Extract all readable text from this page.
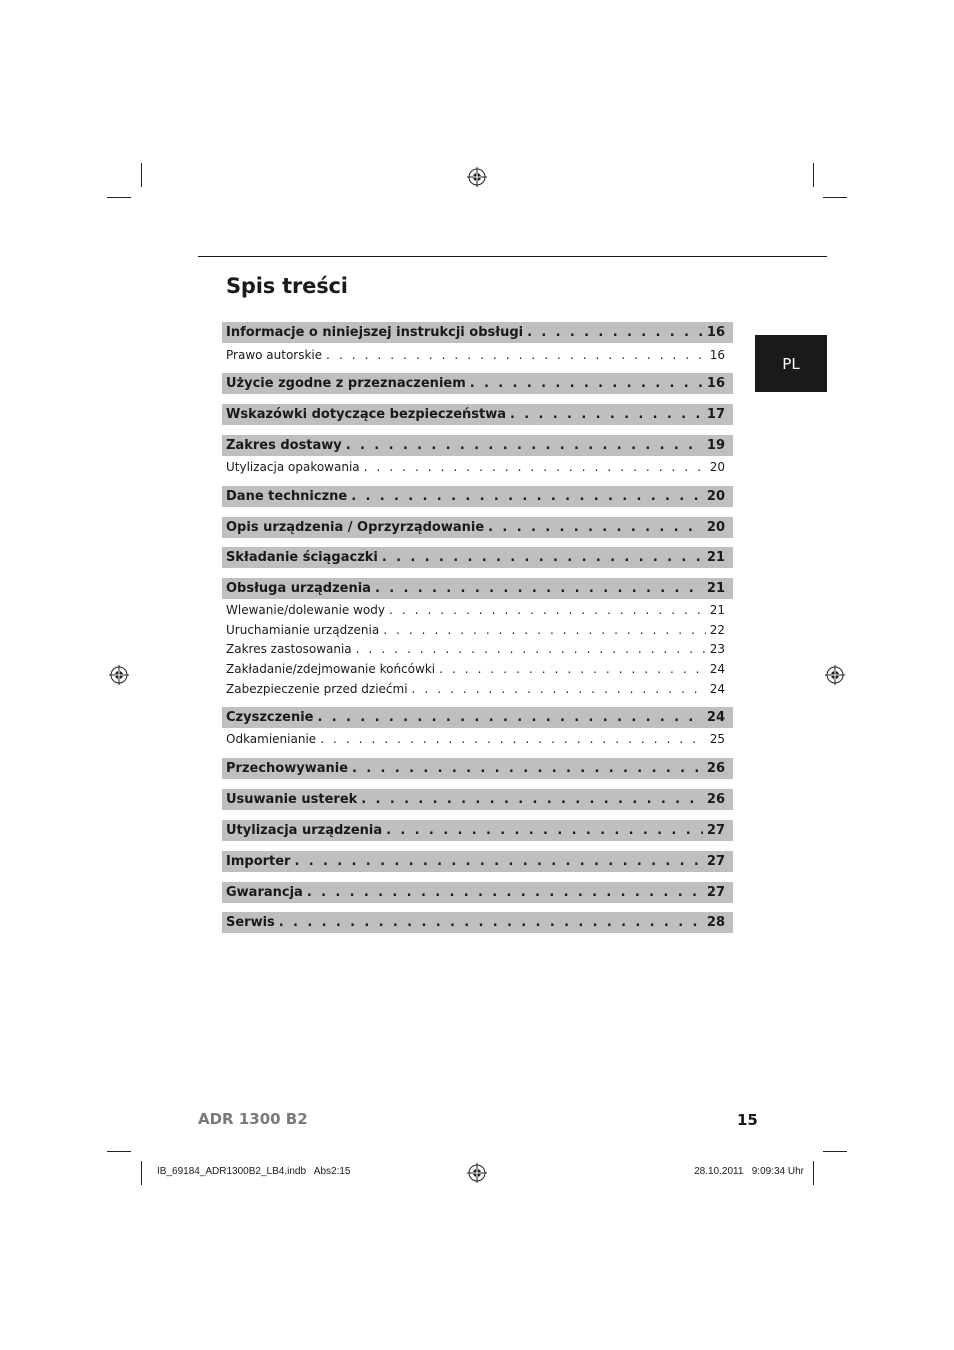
Spis treści
PL
Informacje o niniejszej instrukcji obsługi . . .	16
Prawo autorskie . . .	16
Użycie zgodne z przeznaczeniem . . .	16
Wskazówki dotyczące bezpieczeństwa . . .	17
Zakres dostawy . . .	19
Utylizacja opakowania . . .	20
Dane techniczne . . .	20
Opis urządzenia / Oprzyrządowanie . . .	20
Składanie ściągaczki . . .	21
Obsługa urządzenia . . .	21
Wlewanie/dolewanie wody . . .	21
Uruchamianie urządzenia . . .	22
Zakres zastosowania . . .	23
Zakładanie/zdejmowanie końcówki . . .	24
Zabezpieczenie przed dziećmi . . .	24
Czyszczenie . . .	24
Odkamienianie . . .	25
Przechowywanie . . .	26
Usuwanie usterek . . .	26
Utylizacja urządzenia . . .	27
Importer . . .	27
Gwarancja . . .	27
Serwis . . .	28
ADR 1300 B2	15
IB_69184_ADR1300B2_LB4.indb   Abs2:15	28.10.2011   9:09:34 Uhr
